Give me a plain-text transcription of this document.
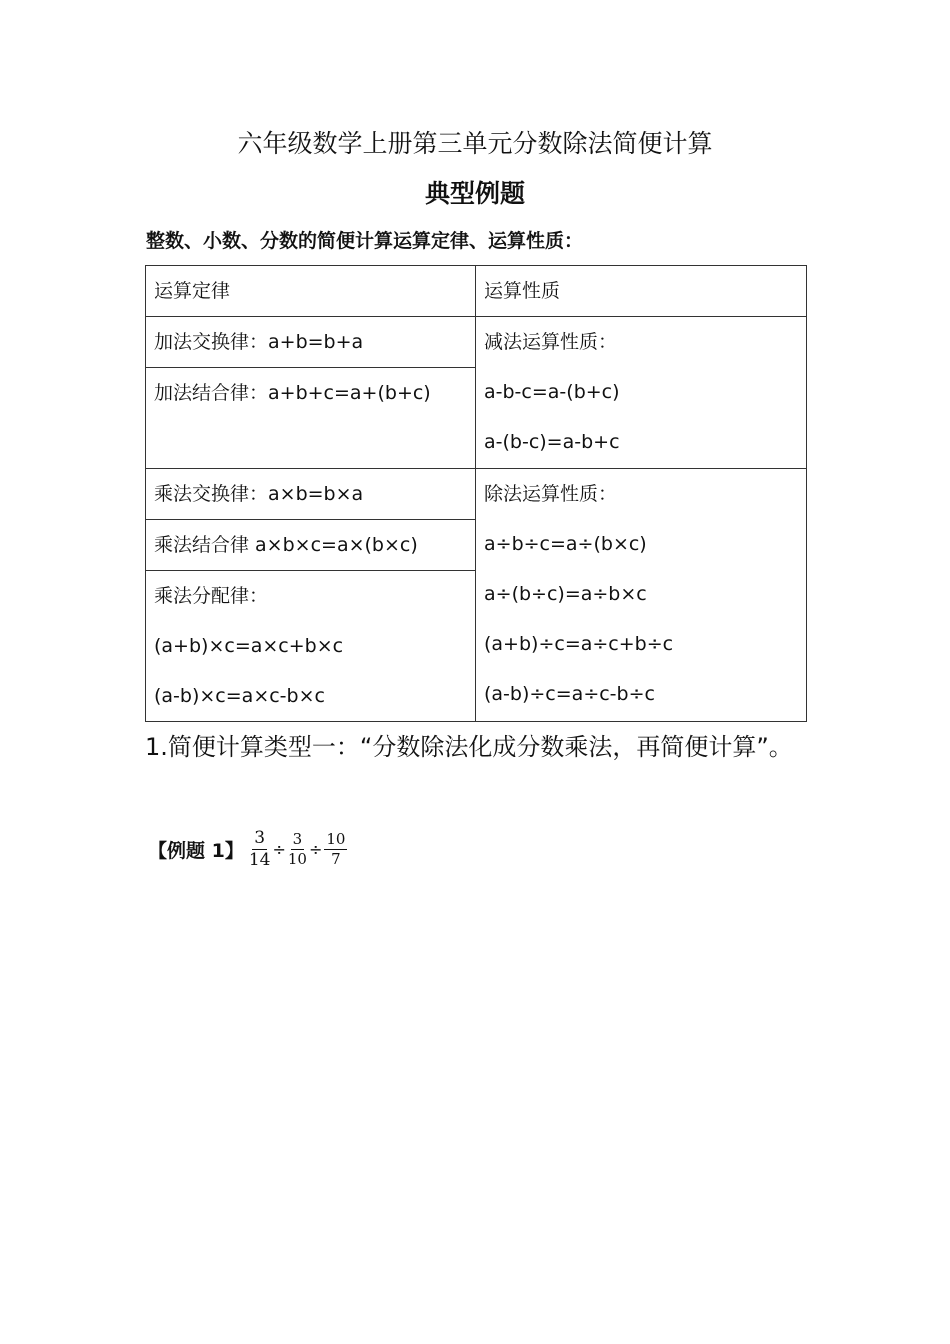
六年级数学上册第三单元分数除法简便计算
典型例题
整数、小数、分数的简便计算运算定律、运算性质：
运算定律	运算性质

加法交换律：a+b=b+a	减法运算性质：
a-b-c=a-(b+c)
a-(b-c)=a-b+c

加法结合律：a+b+c=a+(b+c)	

乘法交换律：a×b=b×a	除法运算性质：
a÷b÷c=a÷(b×c)
a÷(b÷c)=a÷b×c
(a+b)÷c=a÷c+b÷c
(a-b)÷c=a÷c-b÷c

乘法结合律 a×b×c=a×(b×c)	

乘法分配律：
(a+b)×c=a×c+b×c
(a-b)×c=a×c-b×c	
1.简便计算类型一：“分数除法化成分数乘法，再简便计算”。
【例题 1】 $\frac{3}{14} \div \frac{3}{10} \div \frac{10}{7}$
